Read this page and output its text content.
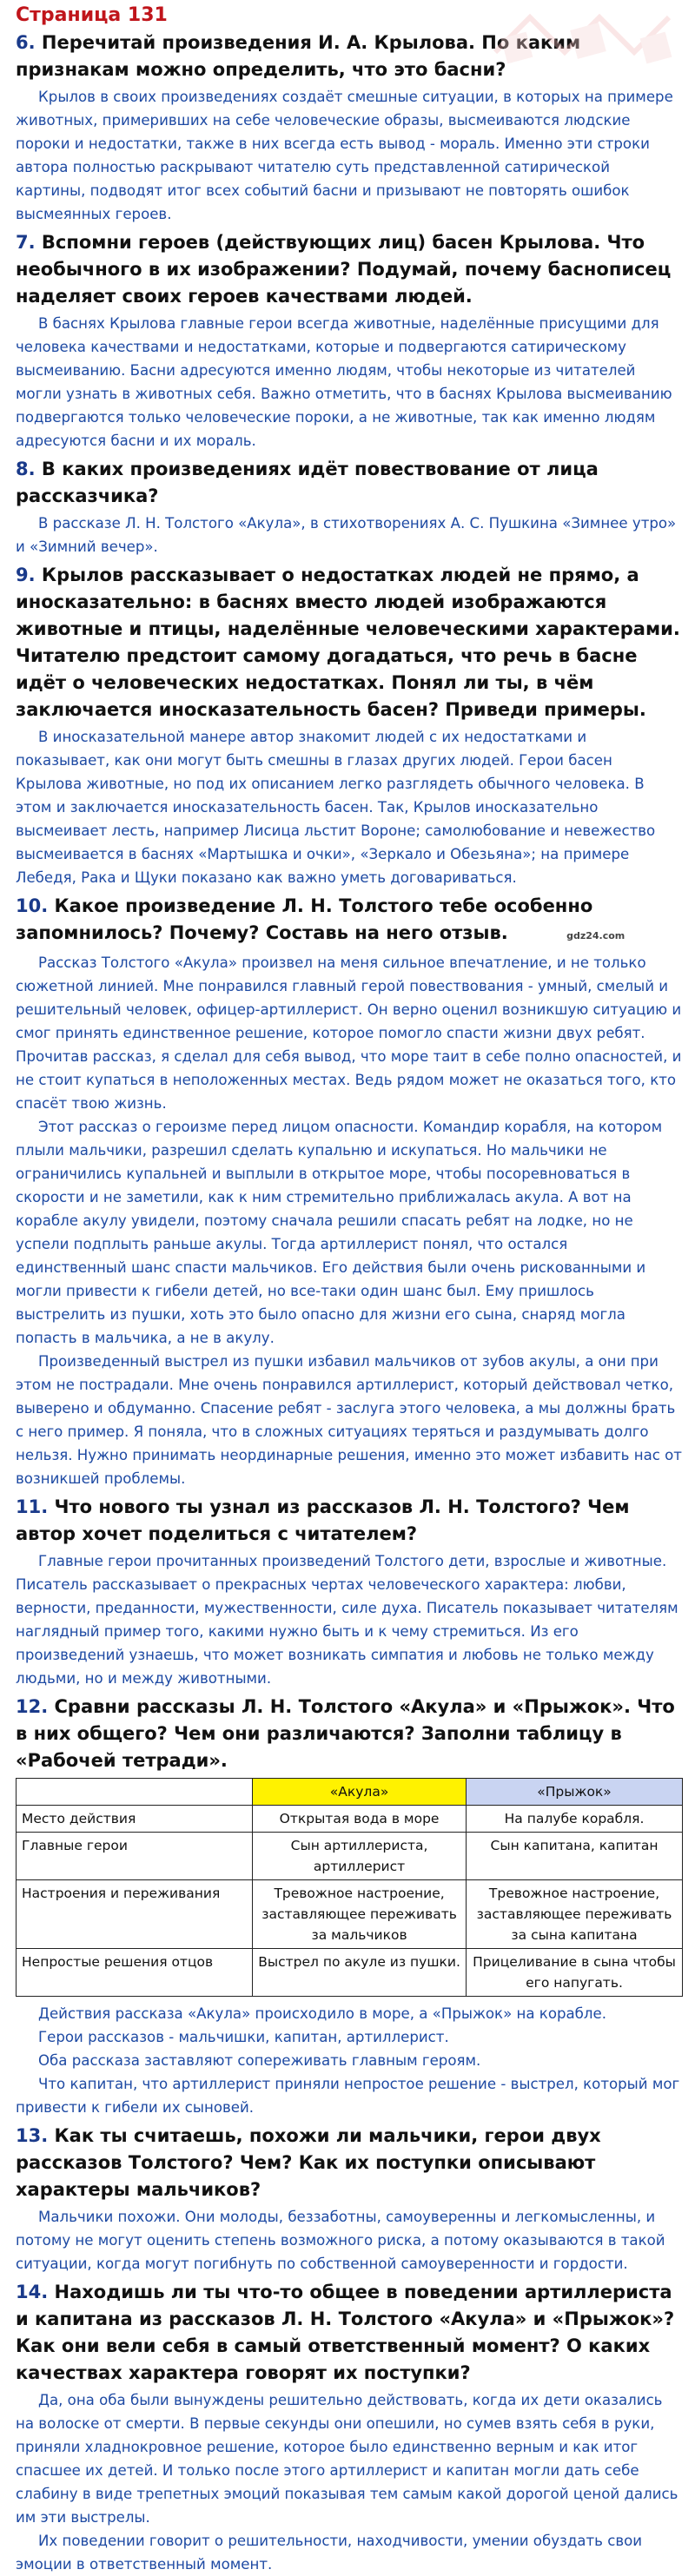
Страница 131
6. Перечитай произведения И. А. Крылова. По каким признакам можно определить, что это басни?

Крылов в своих произведениях создаёт смешные ситуации, в которых на примере животных, примеривших на себе человеческие образы, высмеиваются людские пороки и недостатки, также в них всегда есть вывод - мораль. Именно эти строки автора полностью раскрывают читателю суть представленной сатирической картины, подводят итог всех событий басни и призывают не повторять ошибок высмеянных героев.

7. Вспомни героев (действующих лиц) басен Крылова. Что необычного в их изображении? Подумай, почему баснописец наделяет своих героев качествами людей.

В баснях Крылова главные герои всегда животные, наделённые присущими для человека качествами и недостатками, которые и подвергаются сатирическому высмеиванию. Басни адресуются именно людям, чтобы некоторые из читателей могли узнать в животных себя. Важно отметить, что в баснях Крылова высмеиванию подвергаются только человеческие пороки, а не животные, так как именно людям адресуются басни и их мораль.

8. В каких произведениях идёт повествование от лица рассказчика?

В рассказе Л. Н. Толстого «Акула», в стихотворениях А. С. Пушкина «Зимнее утро» и «Зимний вечер».

9. Крылов рассказывает о недостатках людей не прямо, а иносказательно: в баснях вместо людей изображаются животные и птицы, наделённые человеческими характерами. Читателю предстоит самому догадаться, что речь в басне идёт о человеческих недостатках. Понял ли ты, в чём заключается иносказательность басен? Приведи примеры.

В иносказательной манере автор знакомит людей с их недостатками и показывает, как они могут быть смешны в глазах других людей. Герои басен Крылова животные, но под их описанием легко разглядеть обычного человека. В этом и заключается иносказательность басен. Так, Крылов иносказательно высмеивает лесть, например Лисица льстит Вороне; самолюбование и невежество высмеивается в баснях «Мартышка и очки», «Зеркало и Обезьяна»; на примере Лебедя, Рака и Щуки показано как важно уметь договариваться.

10. Какое произведение Л. Н. Толстого тебе особенно запомнилось? Почему? Составь на него отзыв.	gdz24.com

Рассказ Толстого «Акула» произвел на меня сильное впечатление, и не только сюжетной линией. Мне понравился главный герой повествования - умный, смелый и решительный человек, офицер-артиллерист. Он верно оценил возникшую ситуацию и смог принять единственное решение, которое помогло спасти жизни двух ребят. Прочитав рассказ, я сделал для себя вывод, что море таит в себе полно опасностей, и не стоит купаться в неположенных местах. Ведь рядом может не оказаться того, кто спасёт твою жизнь.

Этот рассказ о героизме перед лицом опасности. Командир корабля, на котором плыли мальчики, разрешил сделать купальню и искупаться. Но мальчики не ограничились купальней и выплыли в открытое море, чтобы посоревноваться в скорости и не заметили, как к ним стремительно приближалась акула. А вот на корабле акулу увидели, поэтому сначала решили спасать ребят на лодке, но не успели подплыть раньше акулы. Тогда артиллерист понял, что остался единственный шанс спасти мальчиков. Его действия были очень рискованными и могли привести к гибели детей, но все-таки один шанс был. Ему пришлось выстрелить из пушки, хоть это было опасно для жизни его сына, снаряд могла попасть в мальчика, а не в акулу.

Произведенный выстрел из пушки избавил мальчиков от зубов акулы, а они при этом не пострадали. Мне очень понравился артиллерист, который действовал четко, выверено и обдуманно. Спасение ребят - заслуга этого человека, а мы должны брать с него пример. Я поняла, что в сложных ситуациях теряться и раздумывать долго нельзя. Нужно принимать неординарные решения, именно это может избавить нас от возникшей проблемы.

11. Что нового ты узнал из рассказов Л. Н. Толстого? Чем автор хочет поделиться с читателем?

Главные герои прочитанных произведений Толстого дети, взрослые и животные. Писатель рассказывает о прекрасных чертах человеческого характера: любви, верности, преданности, мужественности, силе духа. Писатель показывает читателям наглядный пример того, какими нужно быть и к чему стремиться. Из его произведений узнаешь, что может возникать симпатия и любовь не только между людьми, но и между животными.

12. Сравни рассказы Л. Н. Толстого «Акула» и «Прыжок». Что в них общего? Чем они различаются? Заполни таблицу в «Рабочей тетради».
	«Акула»	«Прыжок»
Место действия	Открытая вода в море	На палубе корабля.
Главные герои	Сын артиллериста, артиллерист	Сын капитана, капитан
Настроения и переживания	Тревожное настроение, заставляющее переживать за мальчиков	Тревожное настроение, заставляющее переживать за сына капитана
Непростые решения отцов	Выстрел по акуле из пушки.	Прицеливание в сына чтобы его напугать.

Действия рассказа «Акула» происходило в море, а «Прыжок» на корабле.

Герои рассказов - мальчишки, капитан, артиллерист.

Оба рассказа заставляют сопереживать главным героям.

Что капитан, что артиллерист приняли непростое решение - выстрел, который мог привести к гибели их сыновей.

13. Как ты считаешь, похожи ли мальчики, герои двух рассказов Толстого? Чем? Как их поступки описывают характеры мальчиков?

Мальчики похожи. Они молоды, беззаботны, самоуверенны и легкомысленны, и потому не могут оценить степень возможного риска, а потому оказываются в такой ситуации, когда могут погибнуть по собственной самоуверенности и гордости.

14. Находишь ли ты что-то общее в поведении артиллериста и капитана из рассказов Л. Н. Толстого «Акула» и «Прыжок»? Как они вели себя в самый ответственный момент? О каких качествах характера говорят их поступки?

Да, она оба были вынуждены решительно действовать, когда их дети оказались на волоске от смерти. В первые секунды они опешили, но сумев взять себя в руки, приняли хладнокровное решение, которое было единственно верным и как итог спасшее их детей. И только после этого артиллерист и капитан могли дать себе слабину в виде трепетных эмоций показывая тем самым какой дорогой ценой дались им эти выстрелы.

Их поведении говорит о решительности, находчивости, умении обуздать свои эмоции в ответственный момент.
